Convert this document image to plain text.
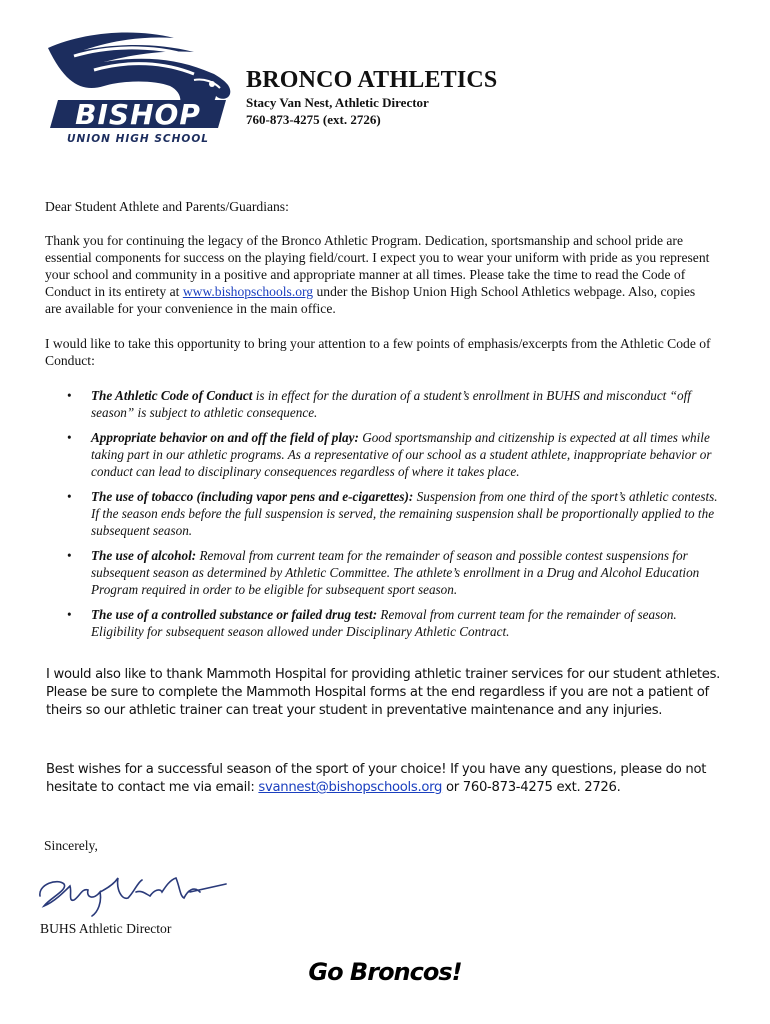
BISHOP
UNION HIGH SCHOOL
BRONCO ATHLETICS
Stacy Van Nest, Athletic Director
760-873-4275 (ext. 2726)
Dear Student Athlete and Parents/Guardians:
Thank you for continuing the legacy of the Bronco Athletic Program. Dedication, sportsmanship and school pride are essential components for success on the playing field/court. I expect you to wear your uniform with pride as you represent your school and community in a positive and appropriate manner at all times. Please take the time to read the Code of Conduct in its entirety at www.bishopschools.org under the Bishop Union High School Athletics webpage. Also, copies are available for your convenience in the main office.
I would like to take this opportunity to bring your attention to a few points of emphasis/excerpts from the Athletic Code of Conduct:
• The Athletic Code of Conduct is in effect for the duration of a student’s enrollment in BUHS and misconduct “off season” is subject to athletic consequence.
• Appropriate behavior on and off the field of play: Good sportsmanship and citizenship is expected at all times while taking part in our athletic programs. As a representative of our school as a student athlete, inappropriate behavior or conduct can lead to disciplinary consequences regardless of where it takes place.
• The use of tobacco (including vapor pens and e-cigarettes): Suspension from one third of the sport’s athletic contests. If the season ends before the full suspension is served, the remaining suspension shall be proportionally applied to the subsequent season.
• The use of alcohol: Removal from current team for the remainder of season and possible contest suspensions for subsequent season as determined by Athletic Committee. The athlete’s enrollment in a Drug and Alcohol Education Program required in order to be eligible for subsequent sport season.
• The use of a controlled substance or failed drug test: Removal from current team for the remainder of season. Eligibility for subsequent season allowed under Disciplinary Athletic Contract.
I would also like to thank Mammoth Hospital for providing athletic trainer services for our student athletes. Please be sure to complete the Mammoth Hospital forms at the end regardless if you are not a patient of theirs so our athletic trainer can treat your student in preventative maintenance and any injuries.
Best wishes for a successful season of the sport of your choice! If you have any questions, please do not hesitate to contact me via email: svannest@bishopschools.org or 760-873-4275 ext. 2726.
Sincerely,
BUHS Athletic Director
Go Broncos!
